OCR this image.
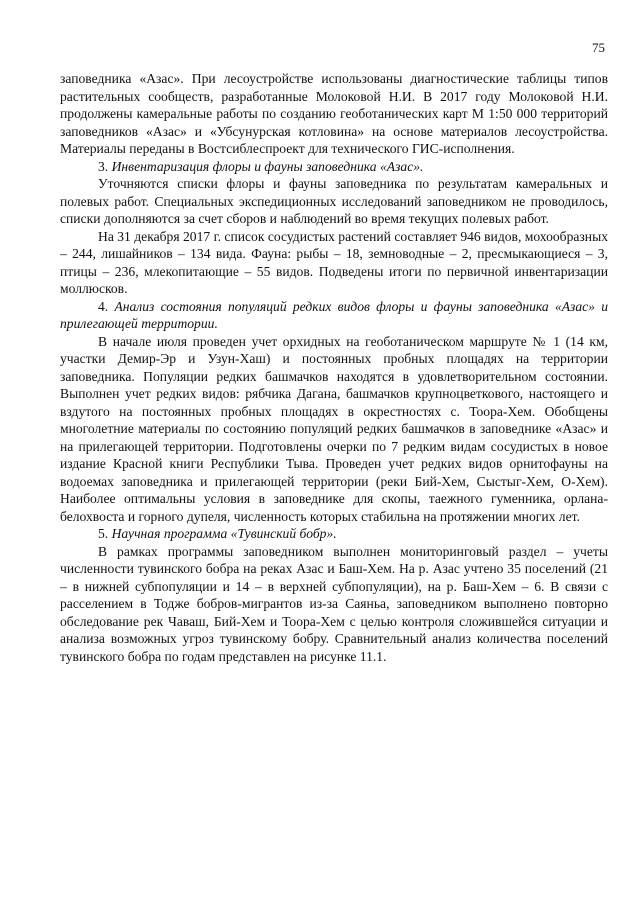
75

заповедника «Азас». При лесоустройстве использованы диагностические таблицы типов растительных сообществ, разработанные Молоковой Н.И. В 2017 году Молоковой Н.И. продолжены камеральные работы по созданию геоботанических карт М 1:50 000 территорий заповедников «Азас» и «Убсунурская котловина» на основе материалов лесоустройства. Материалы переданы в Востсиблеспроект для технического ГИС-исполнения.

3. Инвентаризация флоры и фауны заповедника «Азас».

Уточняются списки флоры и фауны заповедника по результатам камеральных и полевых работ. Специальных экспедиционных исследований заповедником не проводилось, списки дополняются за счет сборов и наблюдений во время текущих полевых работ.

На 31 декабря 2017 г. список сосудистых растений составляет 946 видов, мохообразных – 244, лишайников – 134 вида. Фауна: рыбы – 18, земноводные – 2, пресмыкающиеся – 3, птицы – 236, млекопитающие – 55 видов. Подведены итоги по первичной инвентаризации моллюсков.

4. Анализ состояния популяций редких видов флоры и фауны заповедника «Азас» и прилегающей территории.

В начале июля проведен учет орхидных на геоботаническом маршруте № 1 (14 км, участки Демир-Эр и Узун-Хаш) и постоянных пробных площадях на территории заповедника. Популяции редких башмачков находятся в удовлетворительном состоянии. Выполнен учет редких видов: рябчика Дагана, башмачков крупноцветкового, настоящего и вздутого на постоянных пробных площадях в окрестностях с. Тоора-Хем. Обобщены многолетние материалы по состоянию популяций редких башмачков в заповеднике «Азас» и на прилегающей территории. Подготовлены очерки по 7 редким видам сосудистых в новое издание Красной книги Республики Тыва. Проведен учет редких видов орнитофауны на водоемах заповедника и прилегающей территории (реки Бий-Хем, Сыстыг-Хем, О-Хем). Наиболее оптимальны условия в заповеднике для скопы, таежного гуменника, орлана-белохвоста и горного дупеля, численность которых стабильна на протяжении многих лет.

5. Научная программа «Тувинский бобр».

В рамках программы заповедником выполнен мониторинговый раздел – учеты численности тувинского бобра на реках Азас и Баш-Хем. На р. Азас учтено 35 поселений (21 – в нижней субпопуляции и 14 – в верхней субпопуляции), на р. Баш-Хем – 6. В связи с расселением в Тодже бобров-мигрантов из-за Саяньа, заповедником выполнено повторно обследование рек Чаваш, Бий-Хем и Тоора-Хем с целью контроля сложившейся ситуации и анализа возможных угроз тувинскому бобру. Сравнительный анализ количества поселений тувинского бобра по годам представлен на рисунке 11.1.
